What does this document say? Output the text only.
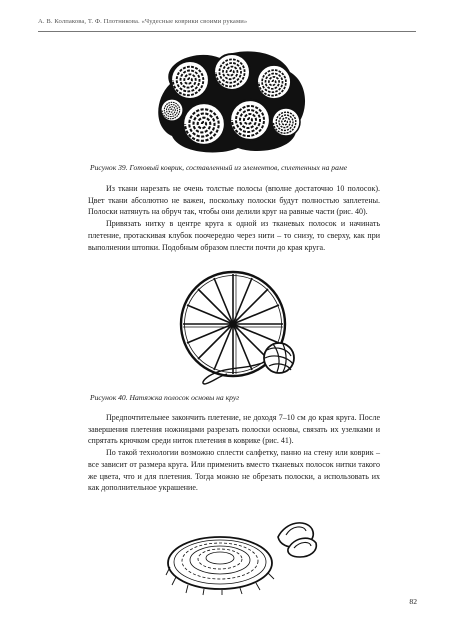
А. В. Колпакова, Т. Ф. Плотникова. «Чудесные коврики своими руками»

Рисунок 39. Готовый коврик, составленный из элементов, сплетенных на раме

Из ткани нарезать не очень толстые полосы (вполне достаточно 10 полосок). Цвет ткани абсолютно не важен, поскольку полоски будут полностью заплетены. Полоски натянуть на обруч так, чтобы они делили круг на равные части (рис. 40).

Привязать нитку в центре круга к одной из тканевых полосок и начинать плетение, протаскивая клубок поочередно через нити – то снизу, то сверху, как при выполнении штопки. Подобным образом плести почти до края круга.

Рисунок 40. Натяжка полосок основы на круг

Предпочтительнее закончить плетение, не доходя 7–10 см до края круга. После завершения плетения ножницами разрезать полоски основы, связать их узелками и спрятать крючком среди ниток плетения в коврике (рис. 41).

По такой технологии возможно сплести салфетку, панно на стену или коврик – все зависит от размера круга. Или применить вместо тканевых полосок нитки такого же цвета, что и для плетения. Тогда можно не обрезать полоски, а использовать их как дополнительное украшение.

82
